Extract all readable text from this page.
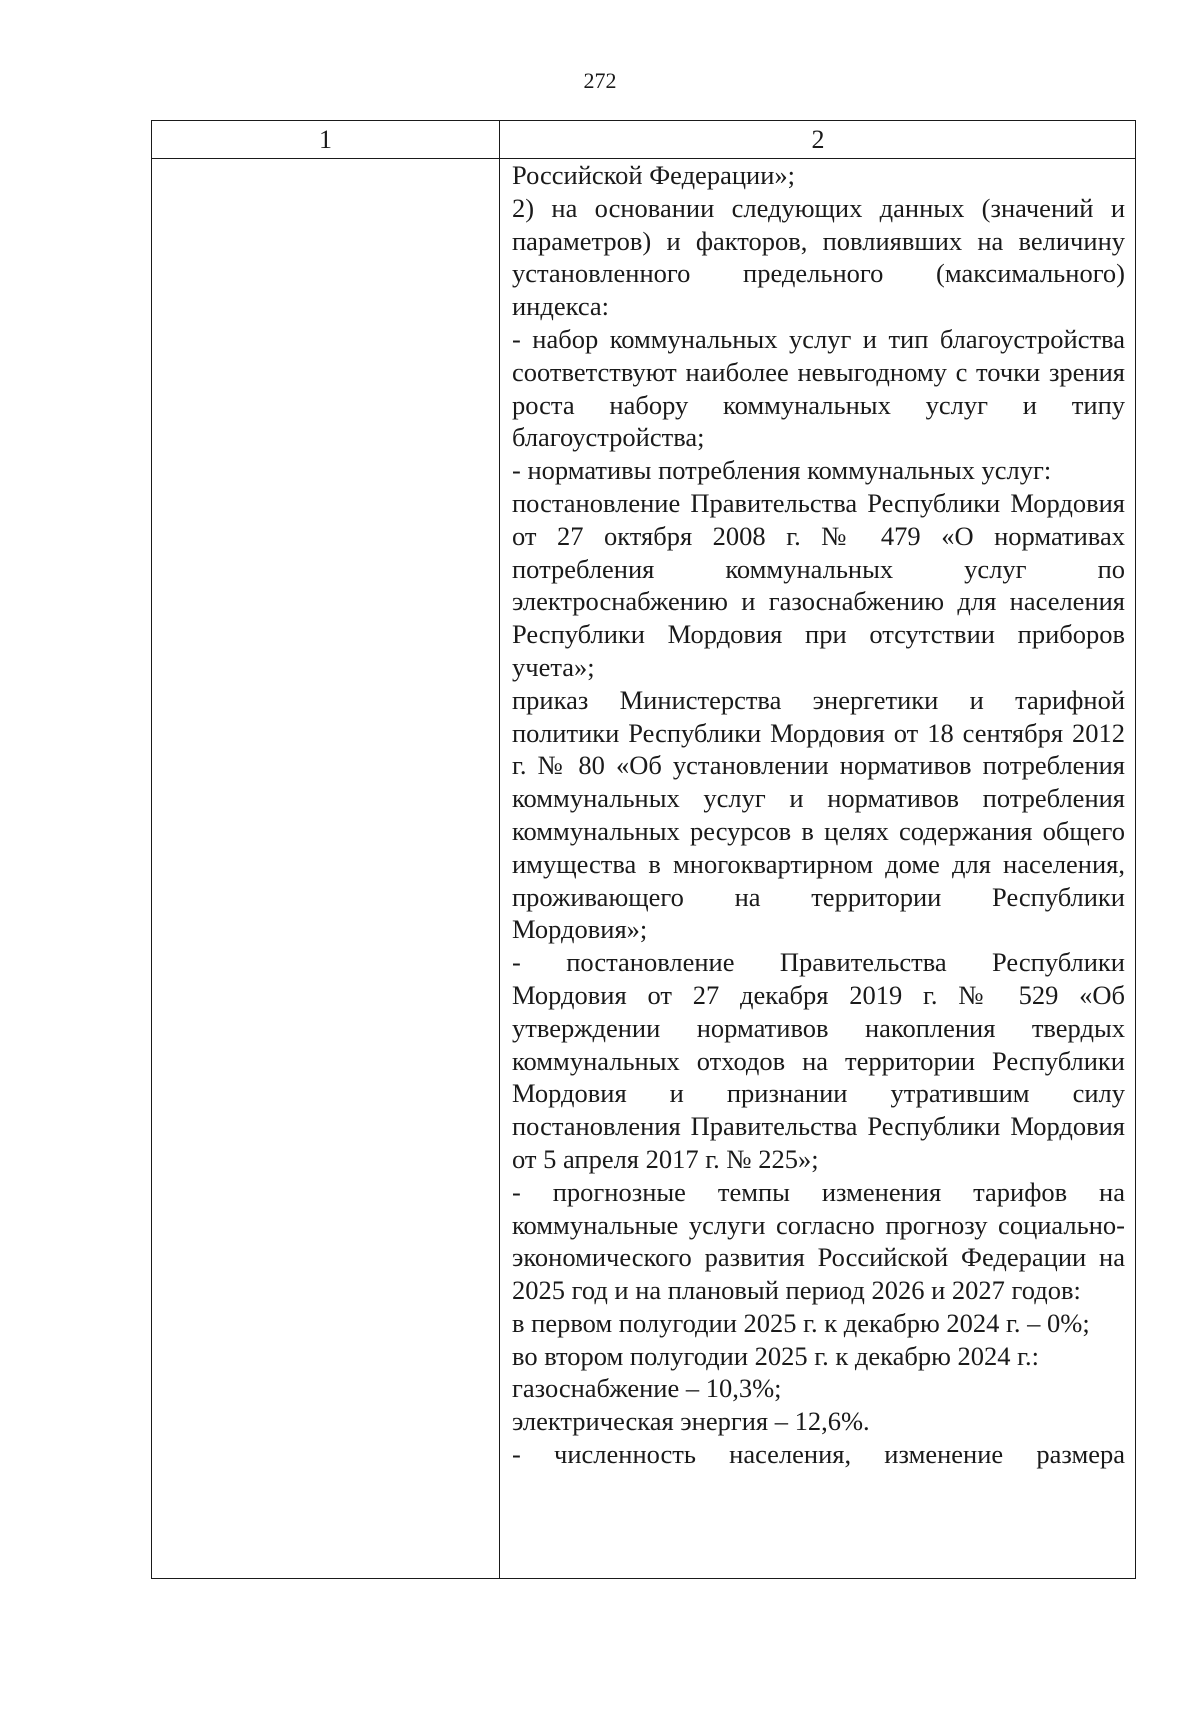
272
1	2

Российской Федерации»;

2) на основании следующих данных (значений и параметров) и факторов, повлиявших на величину установленного предельного (максимального) индекса:

- набор коммунальных услуг и тип благоустройства соответствуют наиболее невыгодному с точки зрения роста набору коммунальных услуг и типу благоустройства;

- нормативы потребления коммунальных услуг:

постановление Правительства Республики Мордовия от 27 октября 2008 г. № 479 «О нормативах потребления коммунальных услуг по электроснабжению и газоснабжению для населения Республики Мордовия при отсутствии приборов учета»;

приказ Министерства энергетики и тарифной политики Республики Мордовия от 18 сентября 2012 г. № 80 «Об установлении нормативов потребления коммунальных услуг и нормативов потребления коммунальных ресурсов в целях содержания общего имущества в многоквартирном доме для населения, проживающего на территории Республики Мордовия»;

- постановление Правительства Республики Мордовия от 27 декабря 2019 г. № 529 «Об утверждении нормативов накопления твердых коммунальных отходов на территории Республики Мордовия и признании утратившим силу постановления Правительства Республики Мордовия от 5 апреля 2017 г. № 225»;

- прогнозные темпы изменения тарифов на коммунальные услуги согласно прогнозу социально-экономического развития Российской Федерации на 2025 год и на плановый период 2026 и 2027 годов:

в первом полугодии 2025 г. к декабрю 2024 г. – 0%;

во втором полугодии 2025 г. к декабрю 2024 г.:

газоснабжение – 10,3%;

электрическая энергия – 12,6%.

- численность населения, изменение размера
